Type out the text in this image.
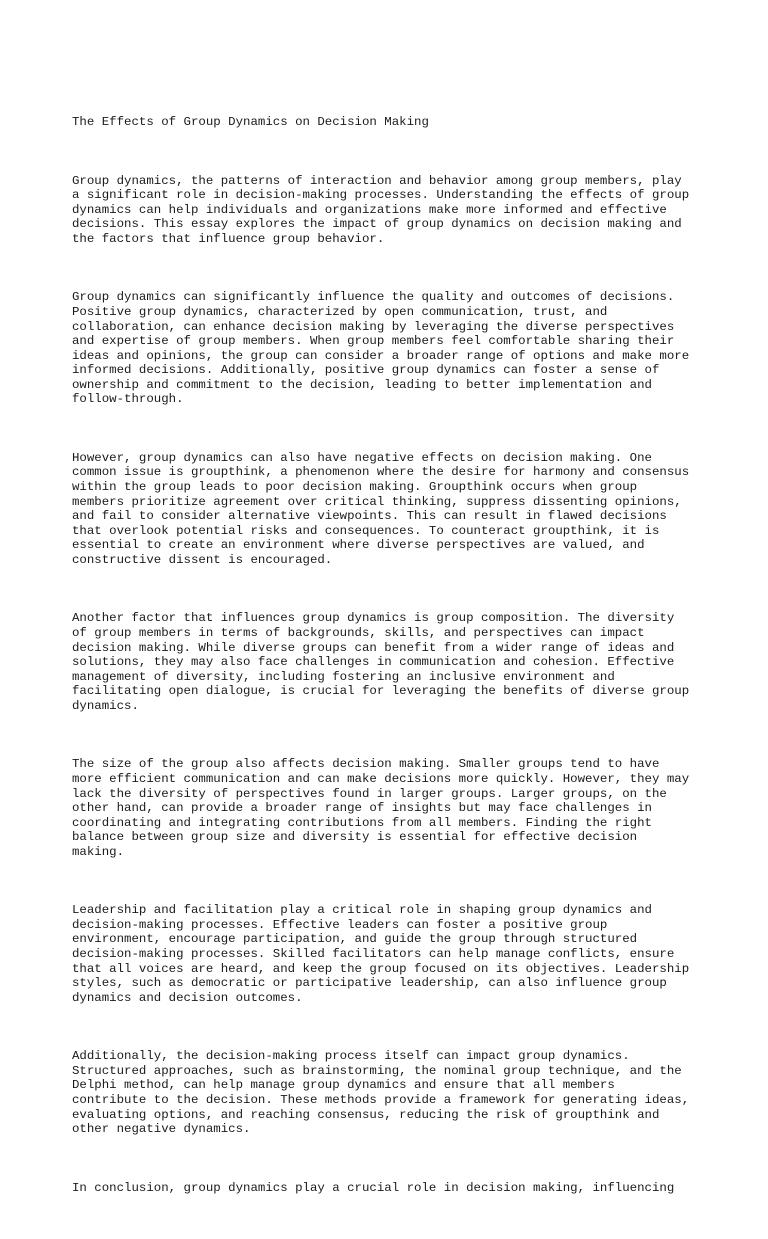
The Effects of Group Dynamics on Decision Making

Group dynamics, the patterns of interaction and behavior among group members, play
a significant role in decision-making processes. Understanding the effects of group
dynamics can help individuals and organizations make more informed and effective
decisions. This essay explores the impact of group dynamics on decision making and
the factors that influence group behavior.

Group dynamics can significantly influence the quality and outcomes of decisions.
Positive group dynamics, characterized by open communication, trust, and
collaboration, can enhance decision making by leveraging the diverse perspectives
and expertise of group members. When group members feel comfortable sharing their
ideas and opinions, the group can consider a broader range of options and make more
informed decisions. Additionally, positive group dynamics can foster a sense of
ownership and commitment to the decision, leading to better implementation and
follow-through.

However, group dynamics can also have negative effects on decision making. One
common issue is groupthink, a phenomenon where the desire for harmony and consensus
within the group leads to poor decision making. Groupthink occurs when group
members prioritize agreement over critical thinking, suppress dissenting opinions,
and fail to consider alternative viewpoints. This can result in flawed decisions
that overlook potential risks and consequences. To counteract groupthink, it is
essential to create an environment where diverse perspectives are valued, and
constructive dissent is encouraged.

Another factor that influences group dynamics is group composition. The diversity
of group members in terms of backgrounds, skills, and perspectives can impact
decision making. While diverse groups can benefit from a wider range of ideas and
solutions, they may also face challenges in communication and cohesion. Effective
management of diversity, including fostering an inclusive environment and
facilitating open dialogue, is crucial for leveraging the benefits of diverse group
dynamics.

The size of the group also affects decision making. Smaller groups tend to have
more efficient communication and can make decisions more quickly. However, they may
lack the diversity of perspectives found in larger groups. Larger groups, on the
other hand, can provide a broader range of insights but may face challenges in
coordinating and integrating contributions from all members. Finding the right
balance between group size and diversity is essential for effective decision
making.

Leadership and facilitation play a critical role in shaping group dynamics and
decision-making processes. Effective leaders can foster a positive group
environment, encourage participation, and guide the group through structured
decision-making processes. Skilled facilitators can help manage conflicts, ensure
that all voices are heard, and keep the group focused on its objectives. Leadership
styles, such as democratic or participative leadership, can also influence group
dynamics and decision outcomes.

Additionally, the decision-making process itself can impact group dynamics.
Structured approaches, such as brainstorming, the nominal group technique, and the
Delphi method, can help manage group dynamics and ensure that all members
contribute to the decision. These methods provide a framework for generating ideas,
evaluating options, and reaching consensus, reducing the risk of groupthink and
other negative dynamics.

In conclusion, group dynamics play a crucial role in decision making, influencing
